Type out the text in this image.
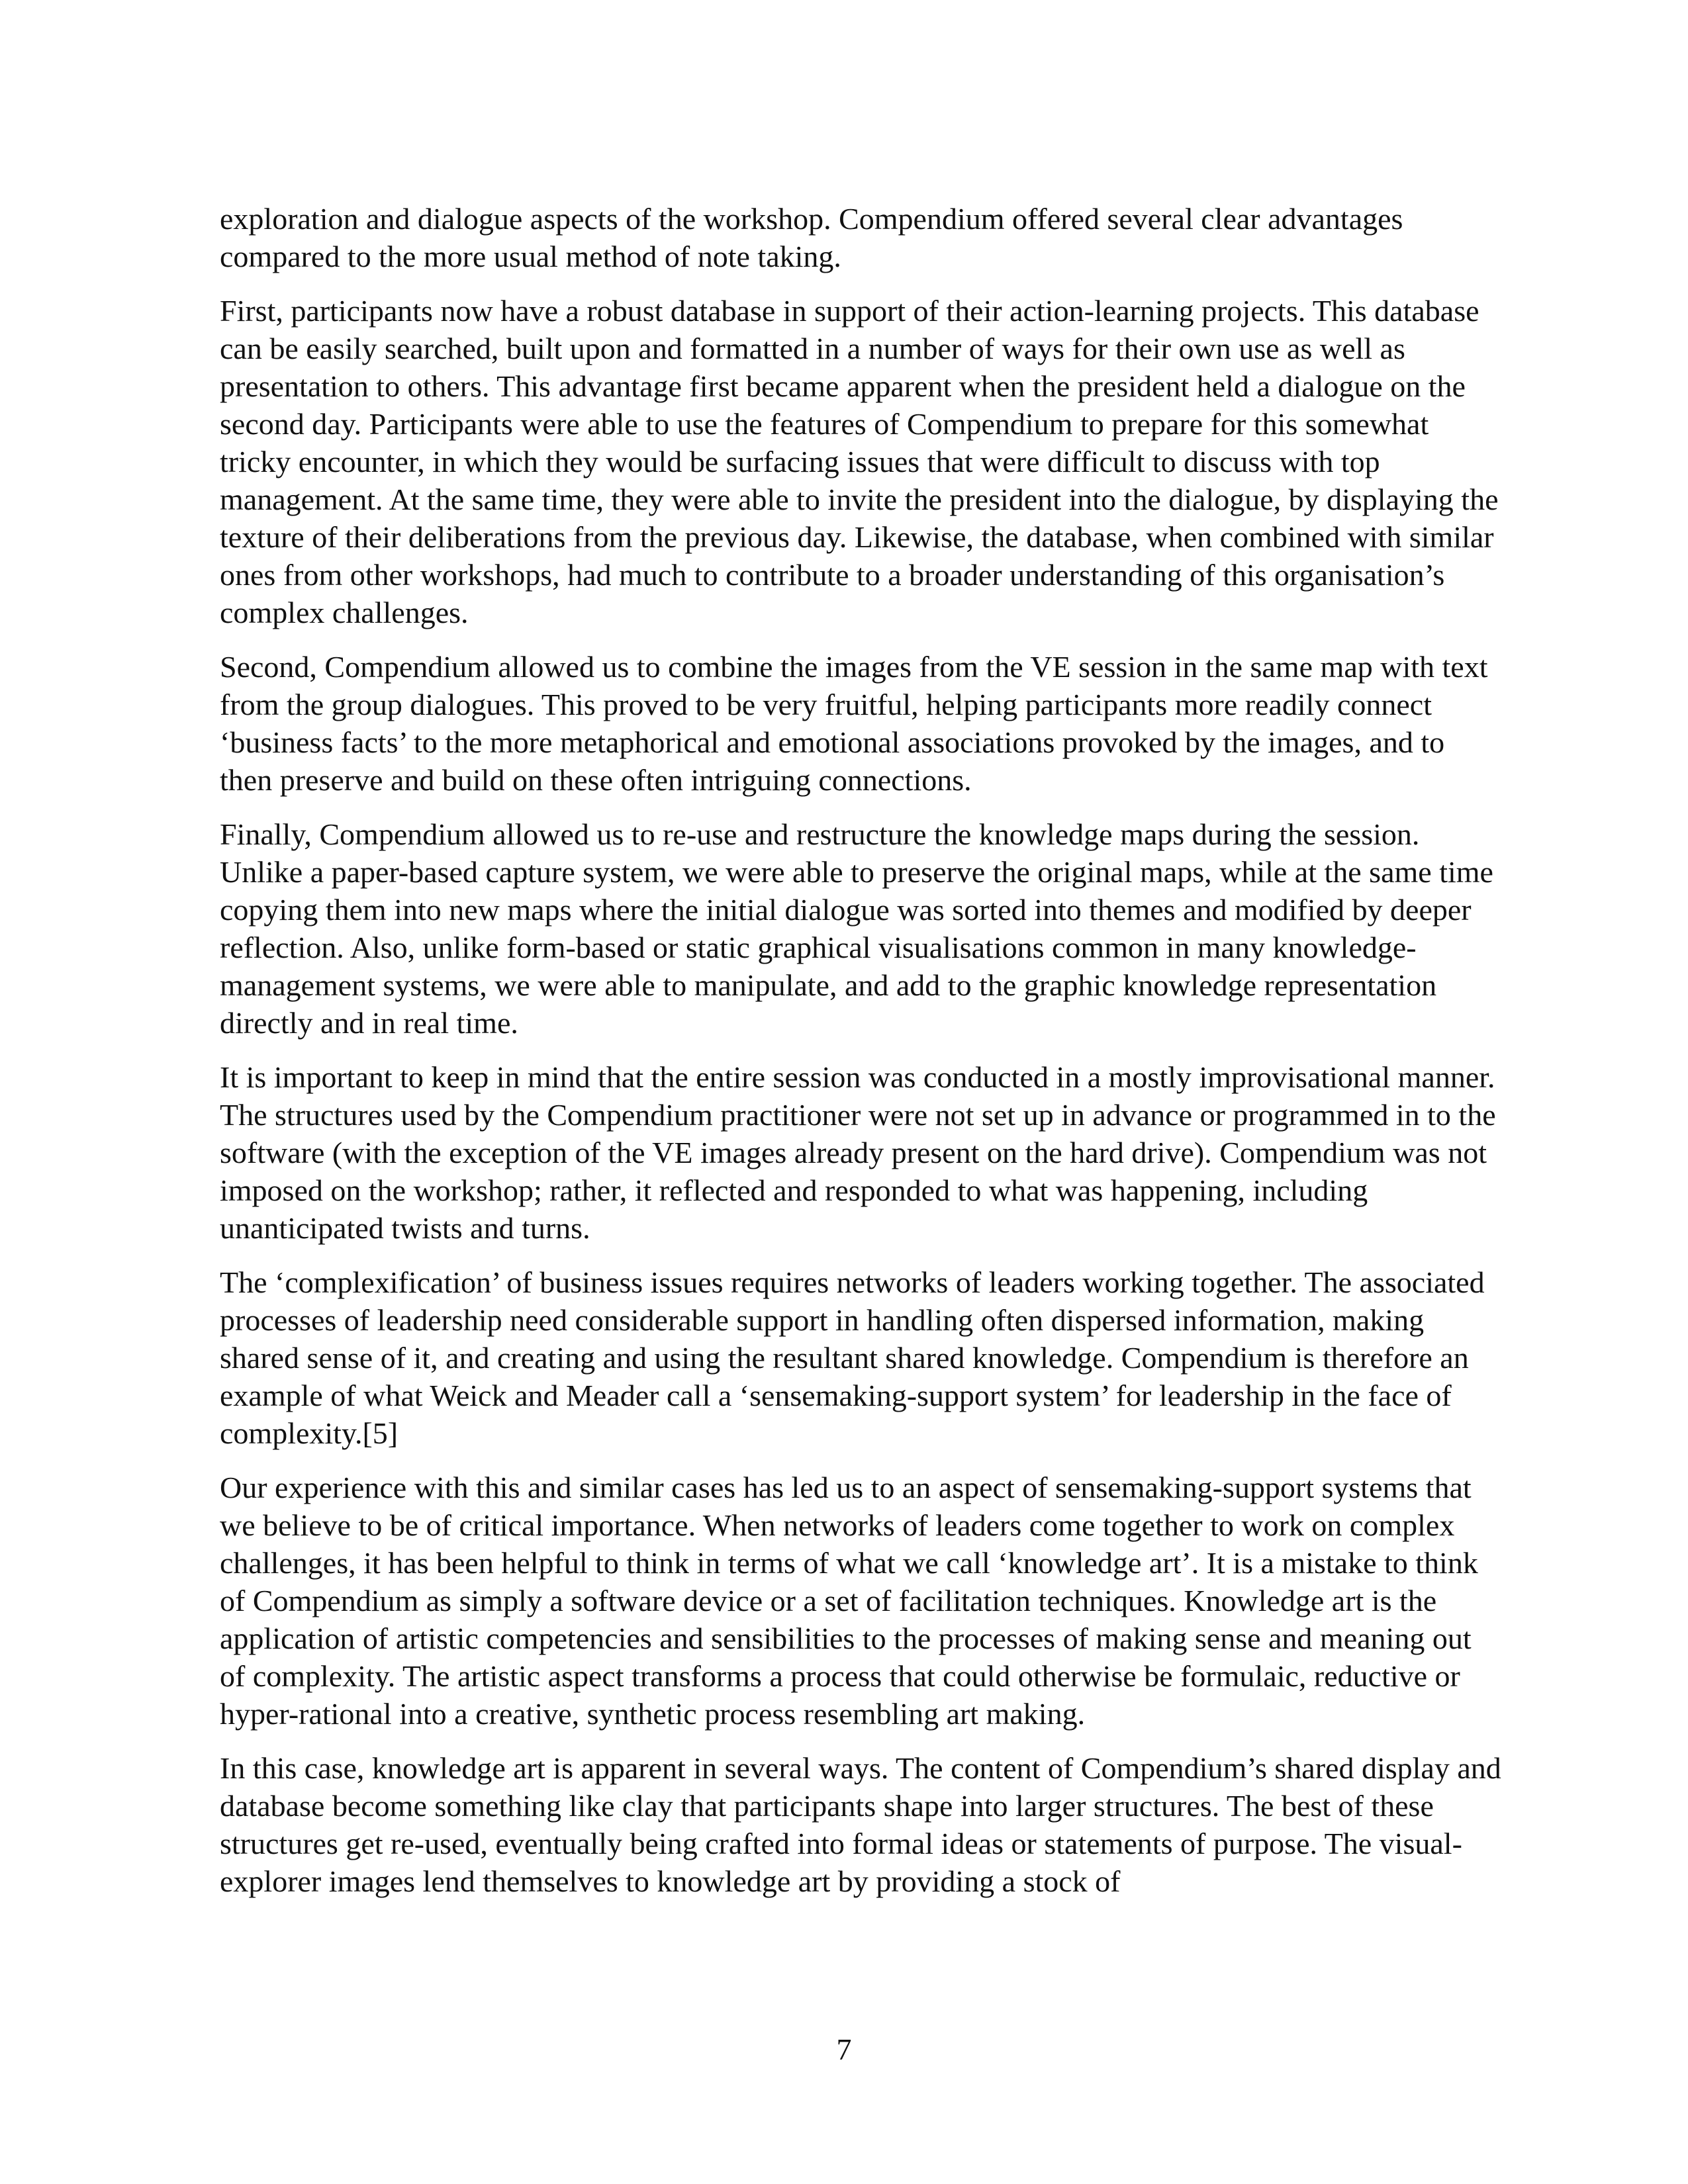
exploration and dialogue aspects of the workshop. Compendium offered several clear advantages compared to the more usual method of note taking.

First, participants now have a robust database in support of their action-learning projects. This database can be easily searched, built upon and formatted in a number of ways for their own use as well as presentation to others. This advantage first became apparent when the president held a dialogue on the second day. Participants were able to use the features of Compendium to prepare for this somewhat tricky encounter, in which they would be surfacing issues that were difficult to discuss with top management. At the same time, they were able to invite the president into the dialogue, by displaying the texture of their deliberations from the previous day. Likewise, the database, when combined with similar ones from other workshops, had much to contribute to a broader understanding of this organisation’s complex challenges.

Second, Compendium allowed us to combine the images from the VE session in the same map with text from the group dialogues. This proved to be very fruitful, helping participants more readily connect ‘business facts’ to the more metaphorical and emotional associations provoked by the images, and to then preserve and build on these often intriguing connections.

Finally, Compendium allowed us to re-use and restructure the knowledge maps during the session. Unlike a paper-based capture system, we were able to preserve the original maps, while at the same time copying them into new maps where the initial dialogue was sorted into themes and modified by deeper reflection. Also, unlike form-based or static graphical visualisations common in many knowledge-management systems, we were able to manipulate, and add to the graphic knowledge representation directly and in real time.

It is important to keep in mind that the entire session was conducted in a mostly improvisational manner. The structures used by the Compendium practitioner were not set up in advance or programmed in to the software (with the exception of the VE images already present on the hard drive). Compendium was not imposed on the workshop; rather, it reflected and responded to what was happening, including unanticipated twists and turns.

The ‘complexification’ of business issues requires networks of leaders working together. The associated processes of leadership need considerable support in handling often dispersed information, making shared sense of it, and creating and using the resultant shared knowledge. Compendium is therefore an example of what Weick and Meader call a ‘sensemaking-support system’ for leadership in the face of complexity.[5]

Our experience with this and similar cases has led us to an aspect of sensemaking-support systems that we believe to be of critical importance. When networks of leaders come together to work on complex challenges, it has been helpful to think in terms of what we call ‘knowledge art’. It is a mistake to think of Compendium as simply a software device or a set of facilitation techniques. Knowledge art is the application of artistic competencies and sensibilities to the processes of making sense and meaning out of complexity. The artistic aspect transforms a process that could otherwise be formulaic, reductive or hyper-rational into a creative, synthetic process resembling art making.

In this case, knowledge art is apparent in several ways. The content of Compendium’s shared display and database become something like clay that participants shape into larger structures. The best of these structures get re-used, eventually being crafted into formal ideas or statements of purpose. The visual-explorer images lend themselves to knowledge art by providing a stock of

7
